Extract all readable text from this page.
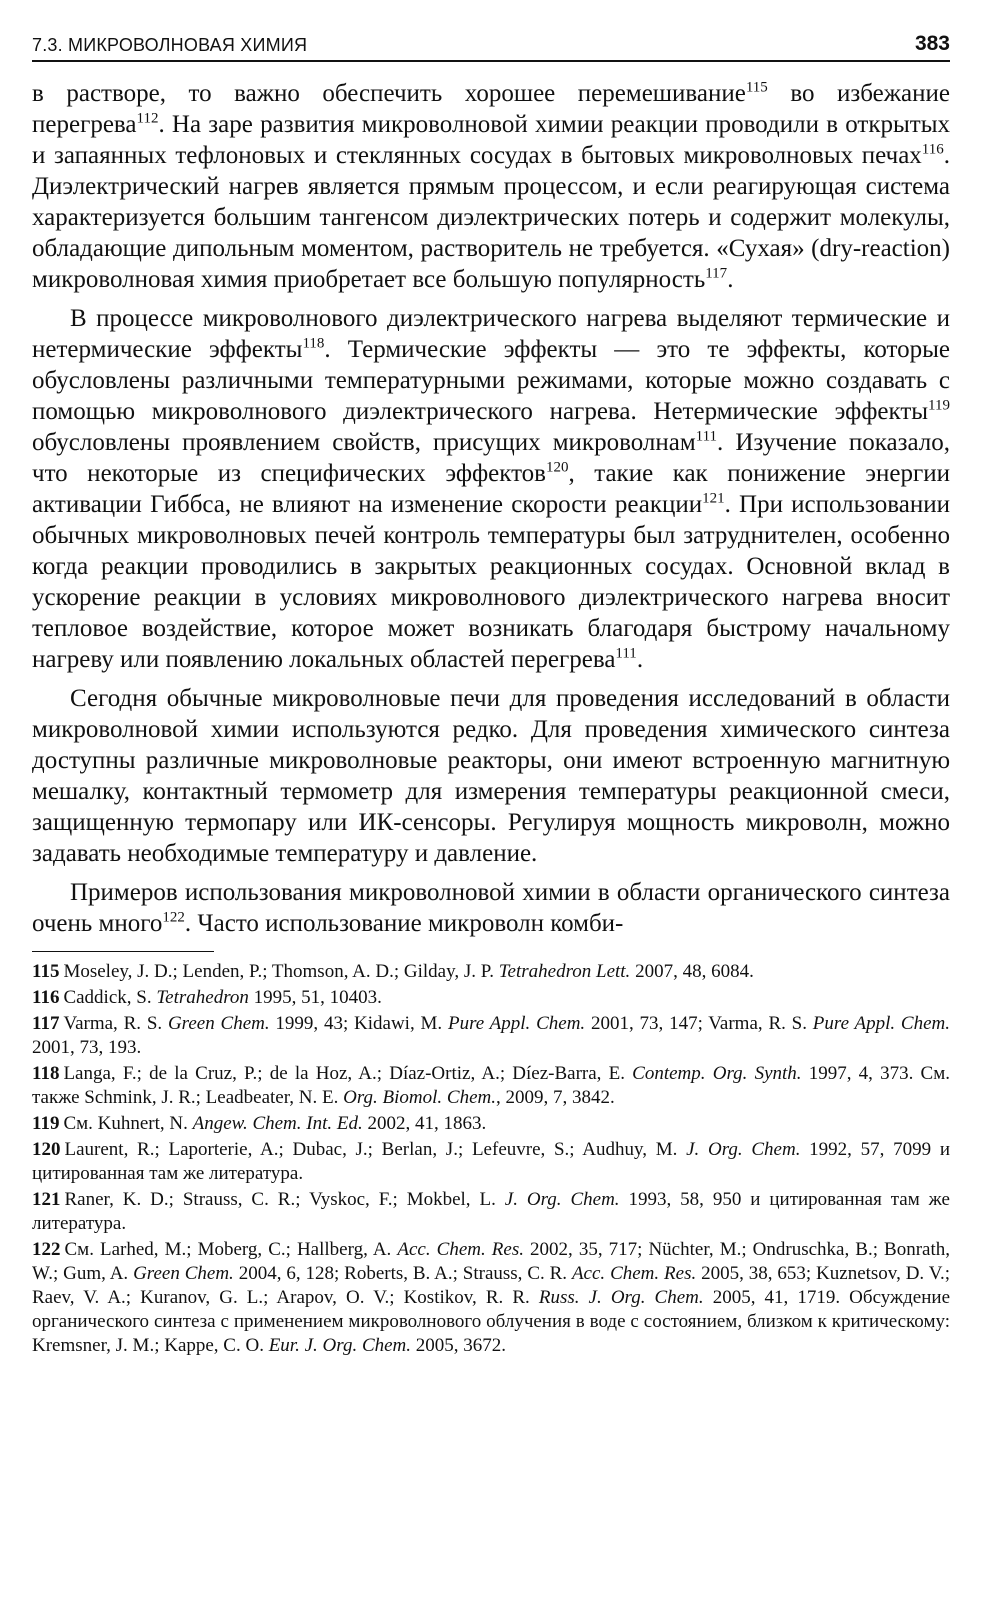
7.3. МИКРОВОЛНОВАЯ ХИМИЯ	383

в растворе, то важно обеспечить хорошее перемешивание$^{115}$ во избежание перегрева$^{112}$. На заре развития микроволновой химии реакции проводили в открытых и запаянных тефлоновых и стеклянных сосудах в бытовых микроволновых печах$^{116}$. Диэлектрический нагрев является прямым процессом, и если реагирующая система характеризуется большим тангенсом диэлектрических потерь и содержит молекулы, обладающие дипольным моментом, растворитель не требуется. «Сухая» (dry-reaction) микроволновая химия приобретает все большую популярность$^{117}$.

В процессе микроволнового диэлектрического нагрева выделяют термические и нетермические эффекты$^{118}$. Термические эффекты — это те эффекты, которые обусловлены различными температурными режимами, которые можно создавать с помощью микроволнового диэлектрического нагрева. Нетермические эффекты$^{119}$ обусловлены проявлением свойств, присущих микроволнам$^{111}$. Изучение показало, что некоторые из специфических эффектов$^{120}$, такие как понижение энергии активации Гиббса, не влияют на изменение скорости реакции$^{121}$. При использовании обычных микроволновых печей контроль температуры был затруднителен, особенно когда реакции проводились в закрытых реакционных сосудах. Основной вклад в ускорение реакции в условиях микроволнового диэлектрического нагрева вносит тепловое воздействие, которое может возникать благодаря быстрому начальному нагреву или появлению локальных областей перегрева$^{111}$.

Сегодня обычные микроволновые печи для проведения исследований в области микроволновой химии используются редко. Для проведения химического синтеза доступны различные микроволновые реакторы, они имеют встроенную магнитную мешалку, контактный термометр для измерения температуры реакционной смеси, защищенную термопару или ИК-сенсоры. Регулируя мощность микроволн, можно задавать необходимые температуру и давление.

Примеров использования микроволновой химии в области органического синтеза очень много$^{122}$. Часто использование микроволн комби-

115 Moseley, J. D.; Lenden, P.; Thomson, A. D.; Gilday, J. P. Tetrahedron Lett. 2007, 48, 6084.

116 Caddick, S. Tetrahedron 1995, 51, 10403.

117 Varma, R. S. Green Chem. 1999, 43; Kidawi, M. Pure Appl. Chem. 2001, 73, 147; Varma, R. S. Pure Appl. Chem. 2001, 73, 193.

118 Langa, F.; de la Cruz, P.; de la Hoz, A.; Díaz-Ortiz, A.; Díez-Barra, E. Contemp. Org. Synth. 1997, 4, 373. См. также Schmink, J. R.; Leadbeater, N. E. Org. Biomol. Chem., 2009, 7, 3842.

119 См. Kuhnert, N. Angew. Chem. Int. Ed. 2002, 41, 1863.

120 Laurent, R.; Laporterie, A.; Dubac, J.; Berlan, J.; Lefeuvre, S.; Audhuy, M. J. Org. Chem. 1992, 57, 7099 и цитированная там же литература.

121 Raner, K. D.; Strauss, C. R.; Vyskoc, F.; Mokbel, L. J. Org. Chem. 1993, 58, 950 и цитированная там же литература.

122 См. Larhed, M.; Moberg, C.; Hallberg, A. Acc. Chem. Res. 2002, 35, 717; Nüchter, M.; Ondruschka, B.; Bonrath, W.; Gum, A. Green Chem. 2004, 6, 128; Roberts, B. A.; Strauss, C. R. Acc. Chem. Res. 2005, 38, 653; Kuznetsov, D. V.; Raev, V. A.; Kuranov, G. L.; Arapov, O. V.; Kostikov, R. R. Russ. J. Org. Chem. 2005, 41, 1719. Обсуждение органического синтеза с применением микроволнового облучения в воде с состоянием, близком к критическому: Kremsner, J. M.; Kappe, C. O. Eur. J. Org. Chem. 2005, 3672.
